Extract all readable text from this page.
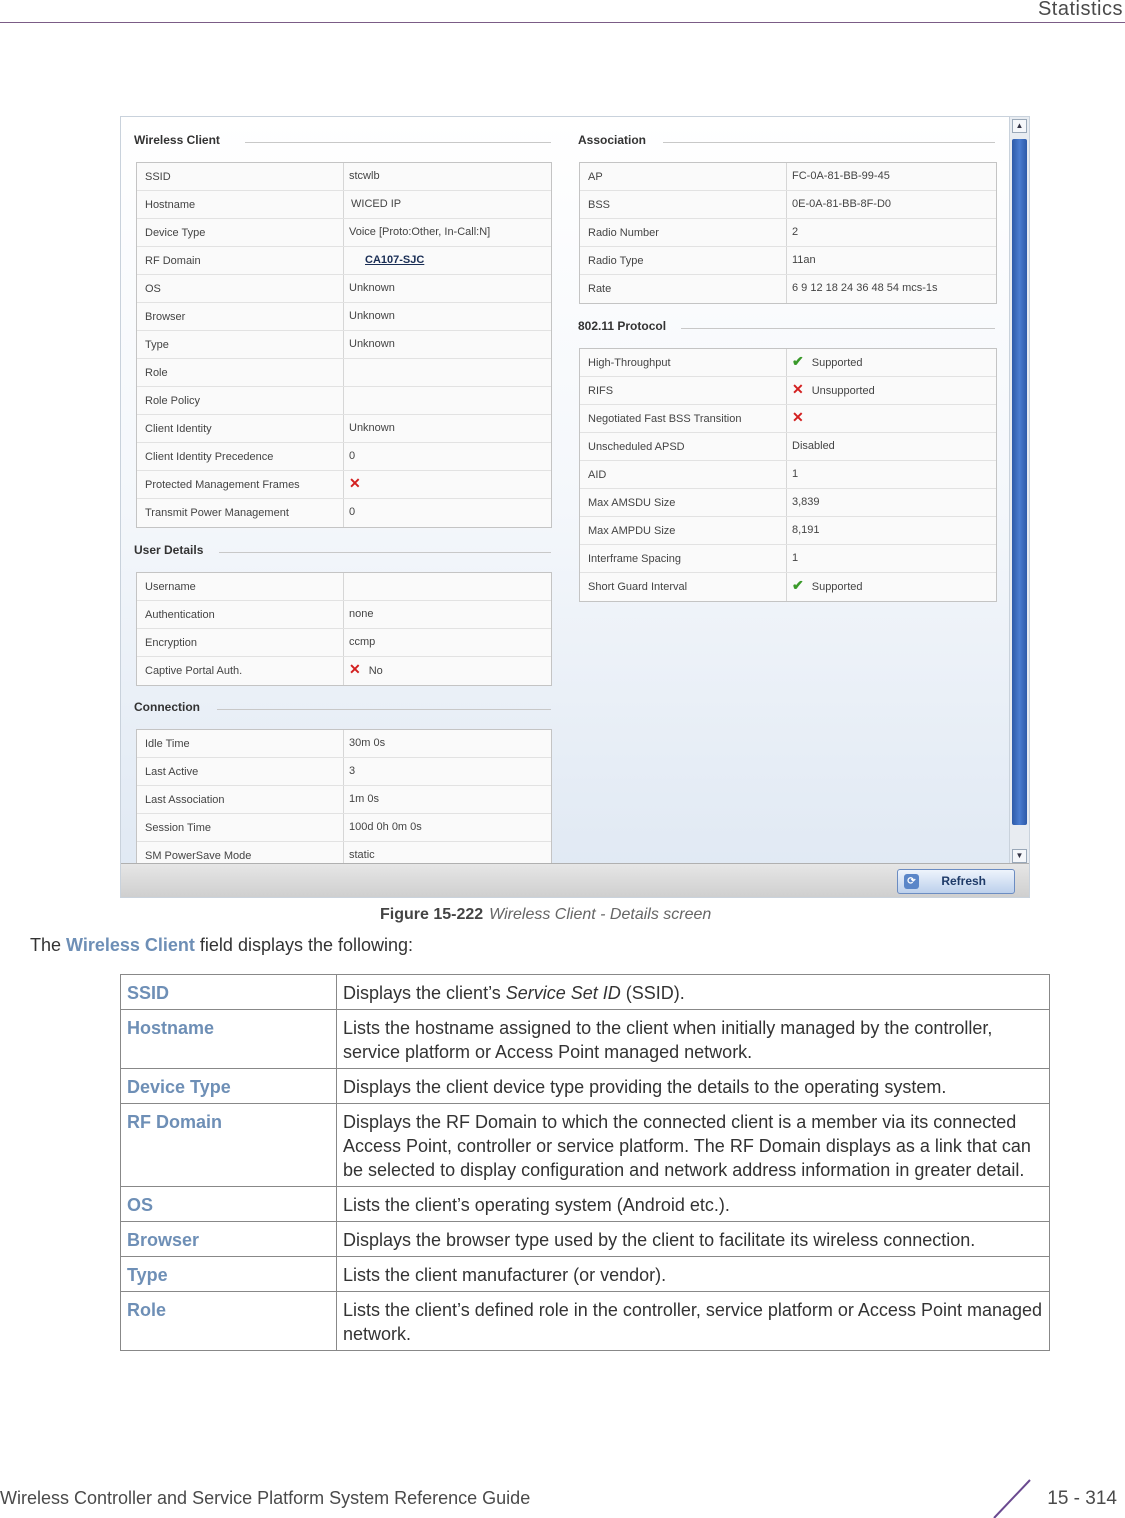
Statistics
Wireless Client
SSID	stcwlb
Hostname	WICED IP
Device Type	Voice [Proto:Other, In-Call:N]
RF Domain	CA107-SJC
OS	Unknown
Browser	Unknown
Type	Unknown
Role
Role Policy
Client Identity	Unknown
Client Identity Precedence	0
Protected Management Frames	✕
Transmit Power Management	0
User Details
Username
Authentication	none
Encryption	ccmp
Captive Portal Auth.	✕ No
Connection
Idle Time	30m 0s
Last Active	3
Last Association	1m 0s
Session Time	100d 0h 0m 0s
SM PowerSave Mode	static
Association
AP	FC-0A-81-BB-99-45
BSS	0E-0A-81-BB-8F-D0
Radio Number	2
Radio Type	11an
Rate	6 9 12 18 24 36 48 54 mcs-1s
802.11 Protocol
High-Throughput	✔ Supported
RIFS	✕ Unsupported
Negotiated Fast BSS Transition	✕
Unscheduled APSD	Disabled
AID	1
Max AMSDU Size	3,839
Max AMPDU Size	8,191
Interframe Spacing	1
Short Guard Interval	✔ Supported
▲
▼
⟳ Refresh
Figure 15-222 Wireless Client - Details screen
The Wireless Client field displays the following:
SSID	Displays the client’s Service Set ID (SSID).
Hostname	Lists the hostname assigned to the client when initially managed by the controller, service platform or Access Point managed network.
Device Type	Displays the client device type providing the details to the operating system.
RF Domain	Displays the RF Domain to which the connected client is a member via its connected Access Point, controller or service platform. The RF Domain displays as a link that can be selected to display configuration and network address information in greater detail.
OS	Lists the client’s operating system (Android etc.).
Browser	Displays the browser type used by the client to facilitate its wireless connection.
Type	Lists the client manufacturer (or vendor).
Role	Lists the client’s defined role in the controller, service platform or Access Point managed network.
Wireless Controller and Service Platform System Reference Guide	15 - 314
